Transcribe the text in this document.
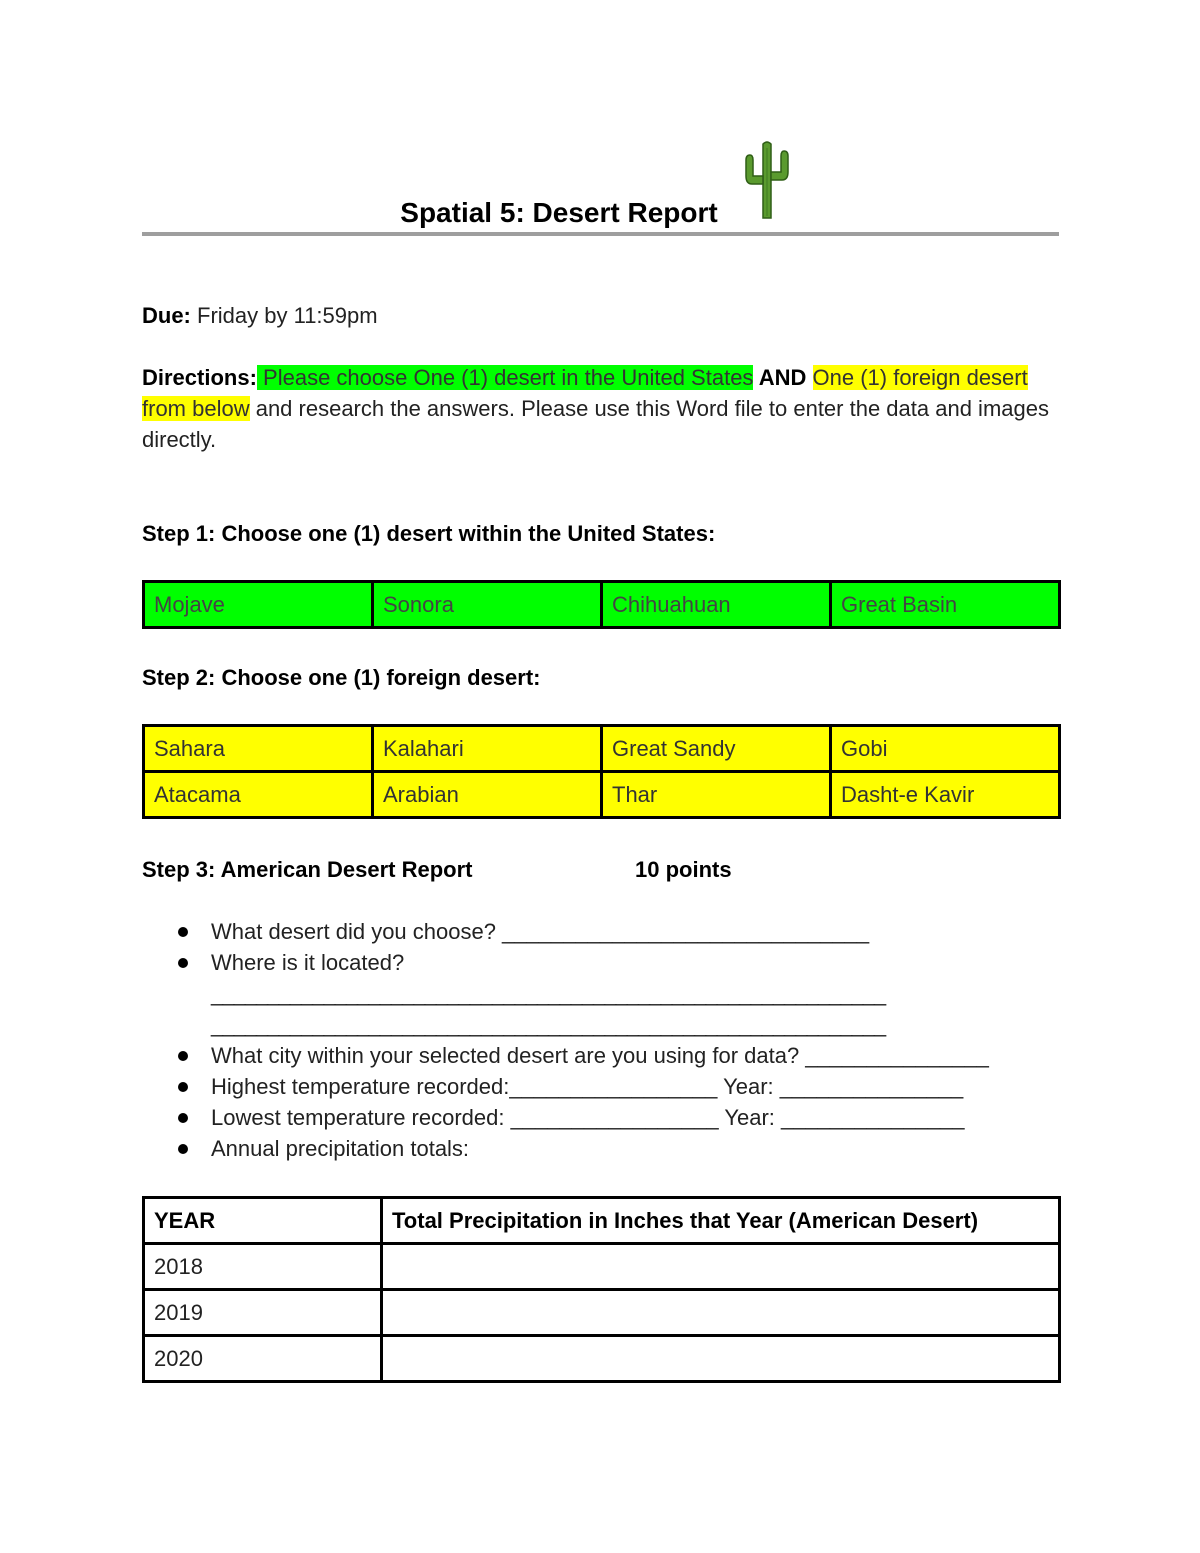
Spatial 5: Desert Report
Due: Friday by 11:59pm
Directions: Please choose One (1) desert in the United States AND One (1) foreign desert from below and research the answers. Please use this Word file to enter the data and images directly.
Step 1: Choose one (1) desert within the United States:
Mojave	Sonora	Chihuahuan	Great Basin
Step 2: Choose one (1) foreign desert:
Sahara	Kalahari	Great Sandy	Gobi
Atacama	Arabian	Thar	Dasht-e Kavir
Step 3: American Desert Report	10 points
What desert did you choose? ______________________________
Where is it located?
____________________________________________________________
____________________________________________________________
What city within your selected desert are you using for data? _______________
Highest temperature recorded:_________________ Year: _______________
Lowest temperature recorded: _________________ Year: _______________
Annual precipitation totals:
YEAR	Total Precipitation in Inches that Year (American Desert)
2018	
2019	
2020	
